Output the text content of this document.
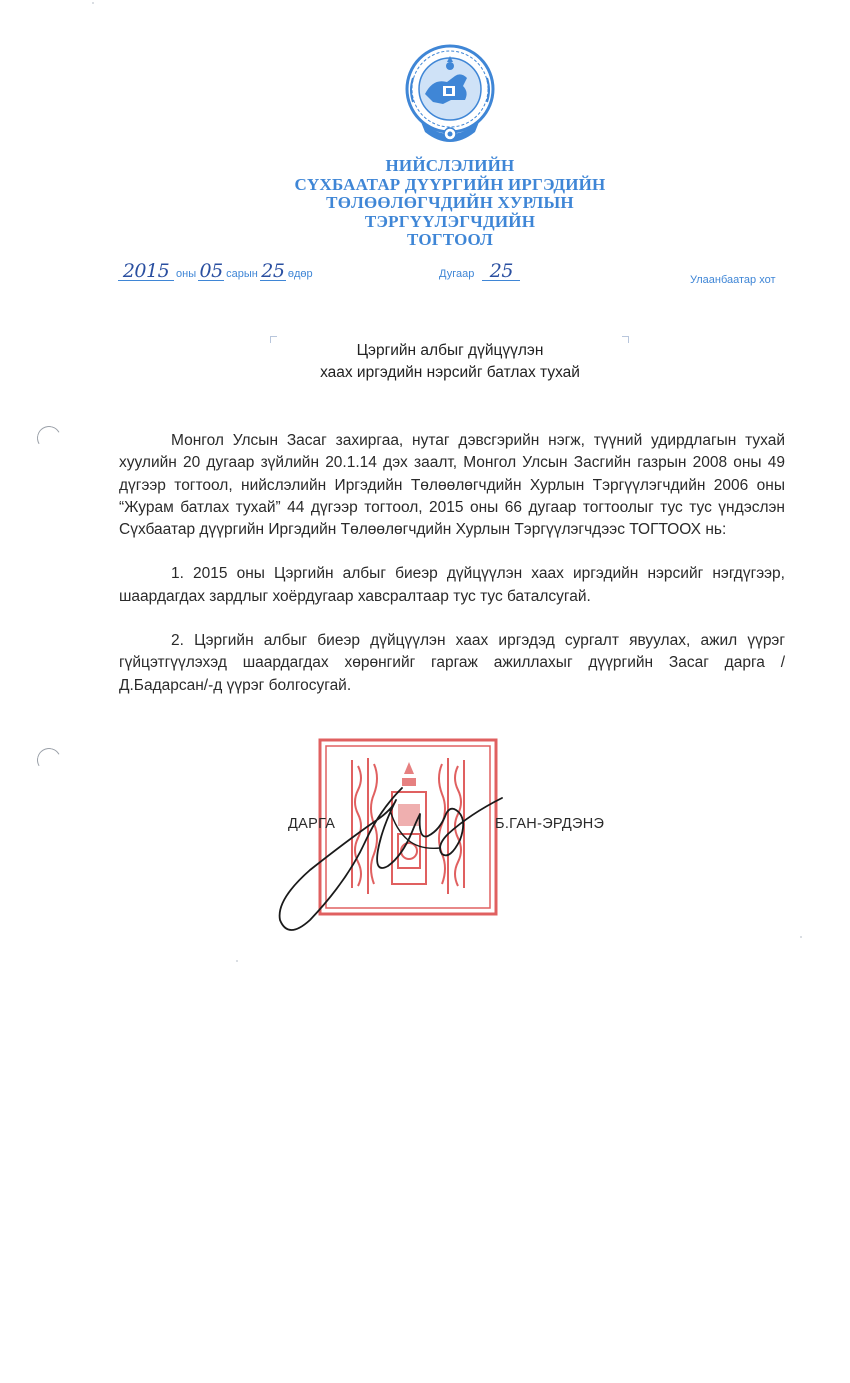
НИЙСЛЭЛИЙН
СҮХБААТАР ДҮҮРГИЙН ИРГЭДИЙН
ТӨЛӨӨЛӨГЧДИЙН ХУРЛЫН
ТЭРГҮҮЛЭГЧДИЙН
ТОГТООЛ
2015 оны 05 сарын 25 өдөр	Дугаар 25	Улаанбаатар хот
Цэргийн албыг дүйцүүлэн
хаах иргэдийн нэрсийг батлах тухай

Монгол Улсын Засаг захиргаа, нутаг дэвсгэрийн нэгж, түүний удирдлагын тухай хуулийн 20 дугаар зүйлийн 20.1.14 дэх заалт, Монгол Улсын Засгийн газрын 2008 оны 49 дүгээр тогтоол, нийслэлийн Иргэдийн Төлөөлөгчдийн Хурлын Тэргүүлэгчдийн 2006 оны “Журам батлах тухай” 44 дүгээр тогтоол, 2015 оны 66 дугаар тогтоолыг тус тус үндэслэн Сүхбаатар дүүргийн Иргэдийн Төлөөлөгчдийн Хурлын Тэргүүлэгчдээс ТОГТООХ нь:

1. 2015 оны Цэргийн албыг биеэр дүйцүүлэн хаах иргэдийн нэрсийг нэгдүгээр, шаардагдах зардлыг хоёрдугаар хавсралтаар тус тус баталсугай.

2. Цэргийн албыг биеэр дүйцүүлэн хаах иргэдэд сургалт явуулах, ажил үүрэг гүйцэтгүүлэхэд шаардагдах хөрөнгийг гаргаж ажиллахыг дүүргийн Засаг дарга /Д.Бадарсан/-д үүрэг болгосугай.

ДАРГА	Б.ГАН-ЭРДЭНЭ
